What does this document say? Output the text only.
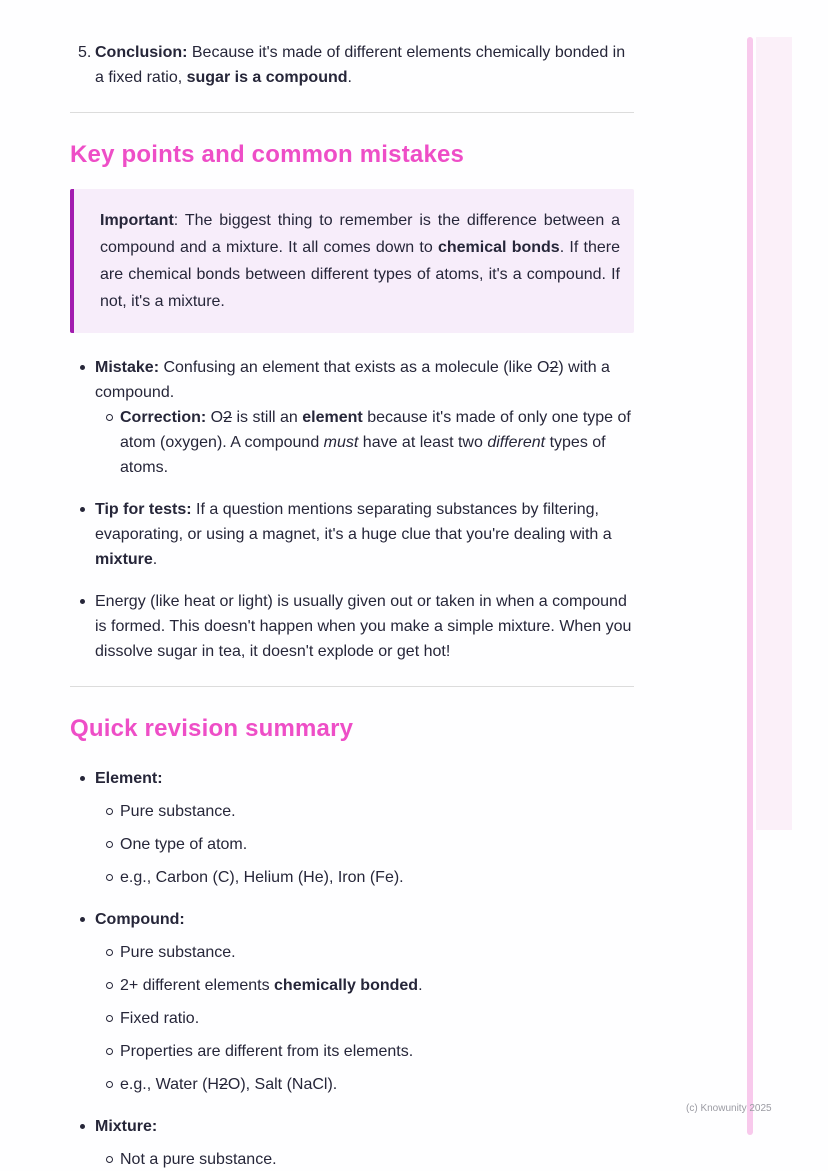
5. Conclusion: Because it's made of different elements chemically bonded in a fixed ratio, sugar is a compound.

Key points and common mistakes

Important: The biggest thing to remember is the difference between a compound and a mixture. It all comes down to chemical bonds. If there are chemical bonds between different types of atoms, it's a compound. If not, it's a mixture.

Mistake: Confusing an element that exists as a molecule (like O2) with a compound.

Correction: O2 is still an element because it's made of only one type of atom (oxygen). A compound must have at least two different types of atoms.

Tip for tests: If a question mentions separating substances by filtering, evaporating, or using a magnet, it's a huge clue that you're dealing with a mixture.

Energy (like heat or light) is usually given out or taken in when a compound is formed. This doesn't happen when you make a simple mixture. When you dissolve sugar in tea, it doesn't explode or get hot!

Quick revision summary

Element:

Pure substance.

One type of atom.

e.g., Carbon (C), Helium (He), Iron (Fe).

Compound:

Pure substance.

2+ different elements chemically bonded.

Fixed ratio.

Properties are different from its elements.

e.g., Water (H2O), Salt (NaCl).

Mixture:

Not a pure substance.

(c) Knowunity 2025
